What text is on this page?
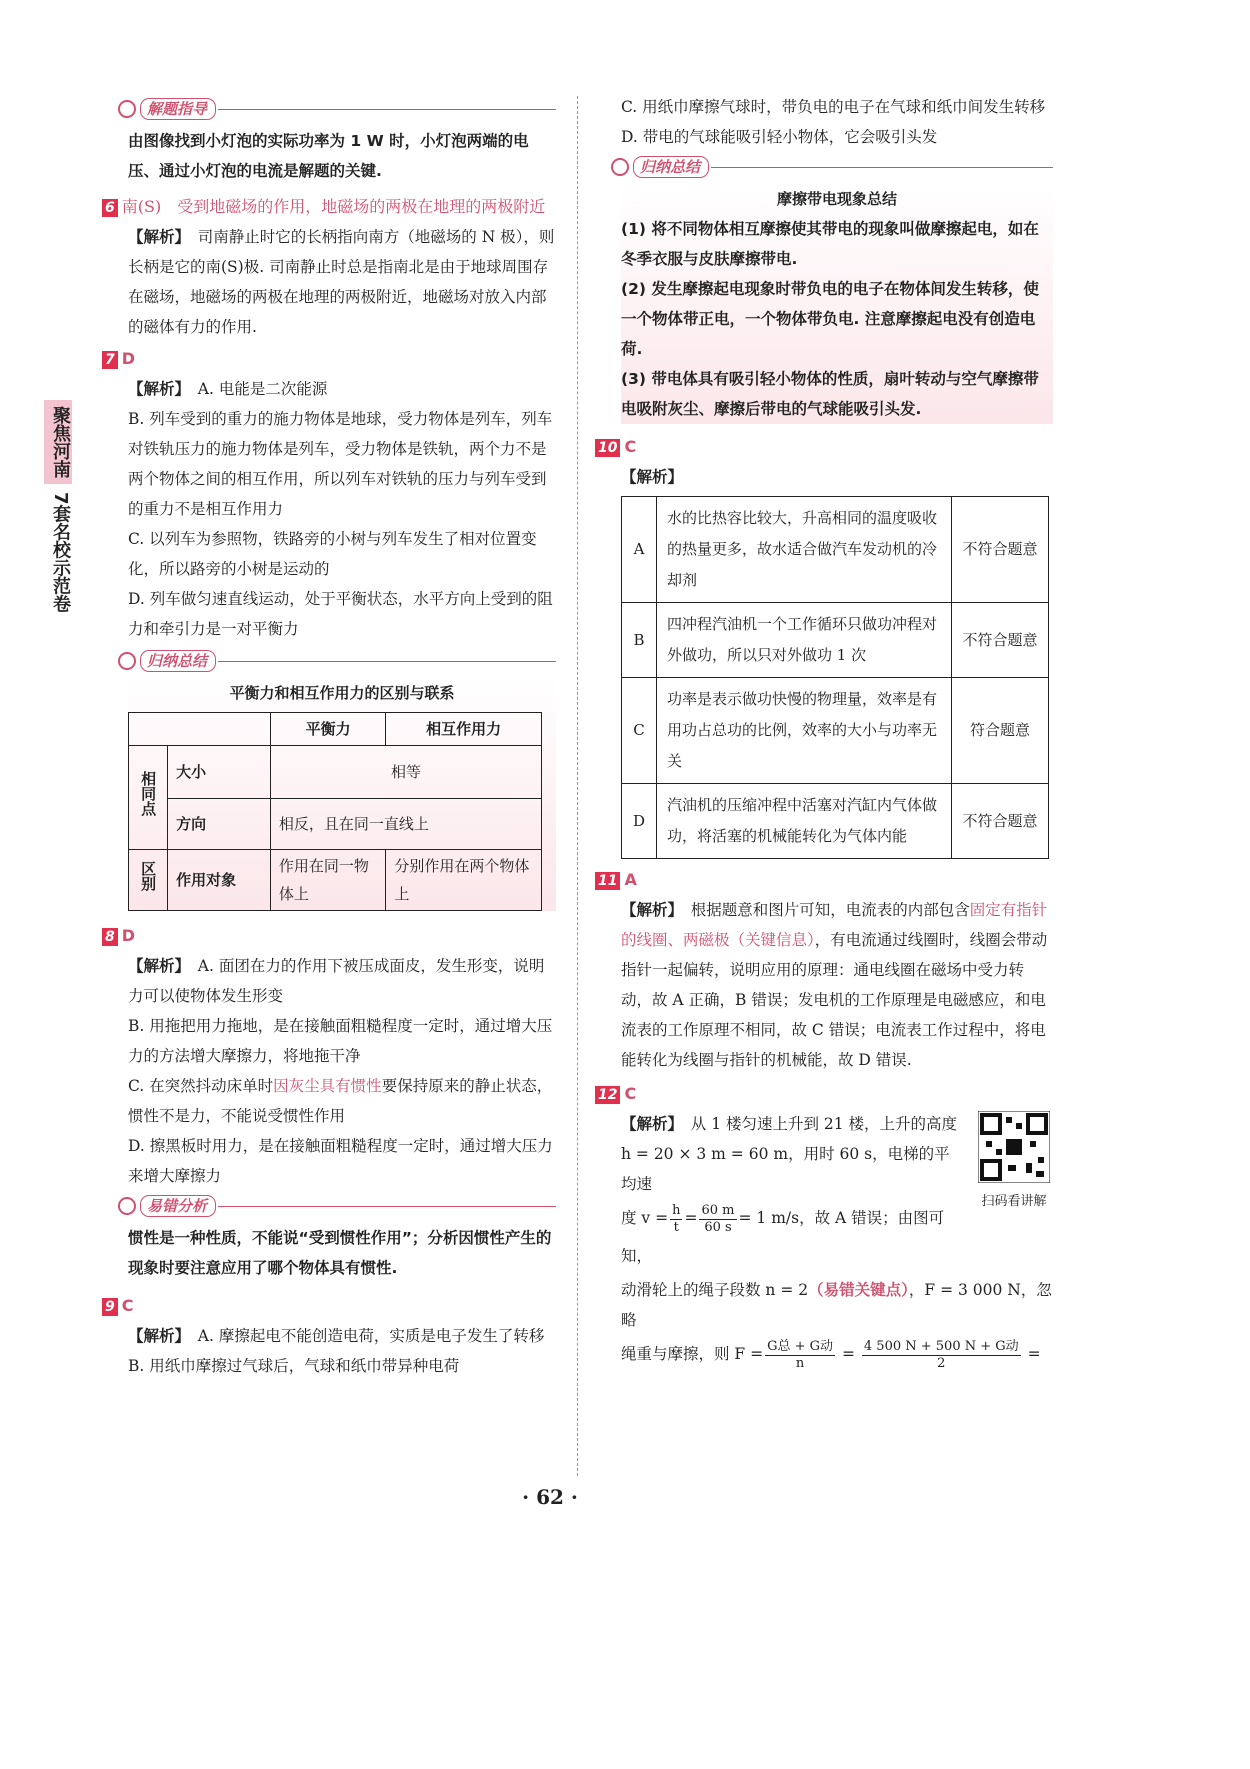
聚焦河南
7套名校示范卷
解题指导

由图像找到小灯泡的实际功率为 1 W 时，小灯泡两端的电压、通过小灯泡的电流是解题的关键.

6 南(S)　受到地磁场的作用，地磁场的两极在地理的两极附近

【解析】　司南静止时它的长柄指向南方（地磁场的 N 极），则长柄是它的南(S)极. 司南静止时总是指南北是由于地球周围存在磁场，地磁场的两极在地理的两极附近，地磁场对放入内部的磁体有力的作用.

7 D

【解析】　A. 电能是二次能源

B. 列车受到的重力的施力物体是地球，受力物体是列车，列车对铁轨压力的施力物体是列车，受力物体是铁轨，两个力不是两个物体之间的相互作用，所以列车对铁轨的压力与列车受到的重力不是相互作用力

C. 以列车为参照物，铁路旁的小树与列车发生了相对位置变化，所以路旁的小树是运动的

D. 列车做匀速直线运动，处于平衡状态，水平方向上受到的阻力和牵引力是一对平衡力

归纳总结

平衡力和相互作用力的区别与联系

		平衡力	相互作用力
相同点	大小	相等	
	方向	相反，且在同一直线上	
区别	作用对象	作用在同一物体上	分别作用在两个物体上

8 D

【解析】　A. 面团在力的作用下被压成面皮，发生形变，说明力可以使物体发生形变

B. 用拖把用力拖地，是在接触面粗糙程度一定时，通过增大压力的方法增大摩擦力，将地拖干净

C. 在突然抖动床单时因灰尘具有惯性要保持原来的静止状态，惯性不是力，不能说受惯性作用

D. 擦黑板时用力，是在接触面粗糙程度一定时，通过增大压力来增大摩擦力

易错分析

惯性是一种性质，不能说“受到惯性作用”；分析因惯性产生的现象时要注意应用了哪个物体具有惯性.

9 C

【解析】　A. 摩擦起电不能创造电荷，实质是电子发生了转移

B. 用纸巾摩擦过气球后，气球和纸巾带异种电荷

C. 用纸巾摩擦气球时，带负电的电子在气球和纸巾间发生转移

D. 带电的气球能吸引轻小物体，它会吸引头发

归纳总结

摩擦带电现象总结

(1) 将不同物体相互摩擦使其带电的现象叫做摩擦起电，如在冬季衣服与皮肤摩擦带电.

(2) 发生摩擦起电现象时带负电的电子在物体间发生转移，使一个物体带正电，一个物体带负电. 注意摩擦起电没有创造电荷.

(3) 带电体具有吸引轻小物体的性质，扇叶转动与空气摩擦带电吸附灰尘、摩擦后带电的气球能吸引头发.

10 C

【解析】

A	水的比热容比较大，升高相同的温度吸收的热量更多，故水适合做汽车发动机的冷却剂	不符合题意
B	四冲程汽油机一个工作循环只做功冲程对外做功，所以只对外做功 1 次	不符合题意
C	功率是表示做功快慢的物理量，效率是有用功占总功的比例，效率的大小与功率无关	符合题意
D	汽油机的压缩冲程中活塞对汽缸内气体做功，将活塞的机械能转化为气体内能	不符合题意

11 A

【解析】　根据题意和图片可知，电流表的内部包含固定有指针的线圈、两磁极（关键信息），有电流通过线圈时，线圈会带动指针一起偏转，说明应用的原理：通电线圈在磁场中受力转动，故 A 正确，B 错误；发电机的工作原理是电磁感应，和电流表的工作原理不相同，故 C 错误；电流表工作过程中，将电能转化为线圈与指针的机械能，故 D 错误.

12 C

扫码看讲解

【解析】　从 1 楼匀速上升到 21 楼，上升的高度 h = 20 × 3 m = 60 m，用时 60 s，电梯的平均速

度 $v = \frac{h}{t} = \frac{60 m}{60 s} = 1$ m/s，故 A 错误；由图可知，

动滑轮上的绳子段数 n = 2（易错关键点），F = 3 000 N，忽略

绳重与摩擦，则 $F = \frac{\text{G总 + G动}}{n} = \frac{\text{4 500 N + 500 N + G动}}{2}$ =

· 62 ·
